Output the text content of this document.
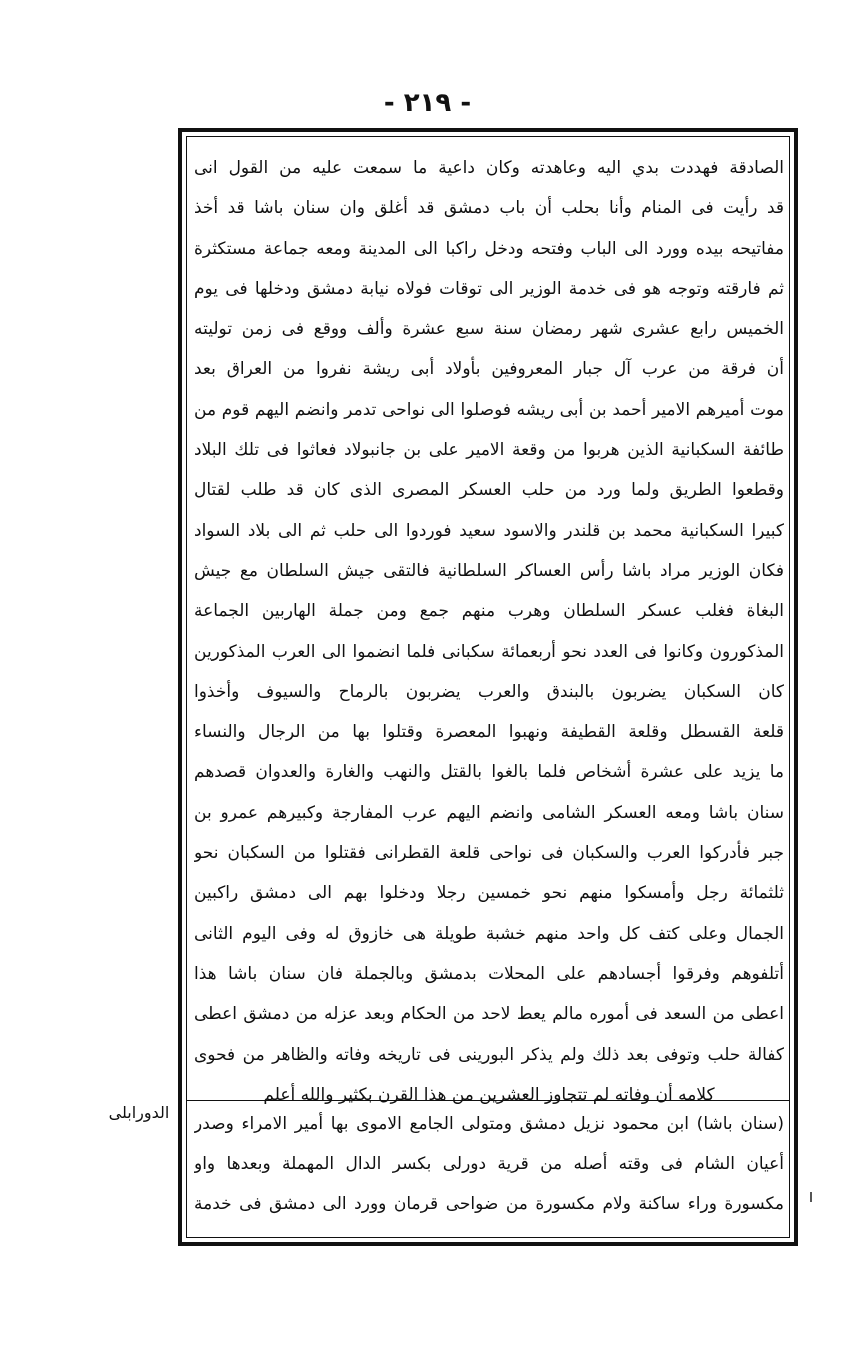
- ٢١٩ -
الصادقة فهددت بدي اليه وعاهدته وكان داعية ما سمعت عليه من القول انى
قد رأيت فى المنام وأنا بحلب أن باب دمشق قد أغلق وان سنان باشا قد أخذ
مفاتيحه بيده وورد الى الباب وفتحه ودخل راكبا الى المدينة ومعه جماعة مستكثرة
ثم فارقته وتوجه هو فى خدمة الوزير الى توقات فولاه نيابة دمشق ودخلها فى يوم
الخميس رابع عشرى شهر رمضان سنة سبع عشرة وألف ووقع فى زمن توليته
أن فرقة من عرب آل جبار المعروفين بأولاد أبى ريشة نفروا من العراق بعد
موت أميرهم الامير أحمد بن أبى ريشه فوصلوا الى نواحى تدمر وانضم اليهم قوم من
طائفة السكبانية الذين هربوا من وقعة الامير على بن جانبولاد فعاثوا فى تلك البلاد
وقطعوا الطريق ولما ورد من حلب العسكر المصرى الذى كان قد طلب لقتال
كبيرا السكبانية محمد بن قلندر والاسود سعيد فوردوا الى حلب ثم الى بلاد السواد
فكان الوزير مراد باشا رأس العساكر السلطانية فالتقى جيش السلطان مع جيش
البغاة فغلب عسكر السلطان وهرب منهم جمع ومن جملة الهاربين الجماعة
المذكورون وكانوا فى العدد نحو أربعمائة سكبانى فلما انضموا الى العرب المذكورين
كان السكبان يضربون بالبندق والعرب يضربون بالرماح والسيوف وأخذوا
قلعة القسطل وقلعة القطيفة ونهبوا المعصرة وقتلوا بها من الرجال والنساء
ما يزيد على عشرة أشخاص فلما بالغوا بالقتل والنهب والغارة والعدوان قصدهم
سنان باشا ومعه العسكر الشامى وانضم اليهم عرب المفارجة وكبيرهم عمرو بن
جبر فأدركوا العرب والسكبان فى نواحى قلعة القطرانى فقتلوا من السكبان نحو
ثلثمائة رجل وأمسكوا منهم نحو خمسين رجلا ودخلوا بهم الى دمشق راكبين
الجمال وعلى كتف كل واحد منهم خشبة طويلة هى خازوق له وفى اليوم الثانى
أتلفوهم وفرقوا أجسادهم على المحلات بدمشق وبالجملة فان سنان باشا هذا
اعطى من السعد فى أموره مالم يعط لاحد من الحكام وبعد عزله من دمشق اعطى
كفالة حلب وتوفى بعد ذلك ولم يذكر البورينى فى تاريخه وفاته والظاهر من فحوى
كلامه أن وفاته لم تتجاوز العشرين من هذا القرن بكثير والله أعلم
الدورابلى
(سنان باشا) ابن محمود نزيل دمشق ومتولى الجامع الاموى بها أمير الامراء وصدر
أعيان الشام فى وقته أصله من قرية دورلى بكسر الدال المهملة وبعدها واو
مكسورة وراء ساكنة ولام مكسورة من ضواحى قرمان وورد الى دمشق فى خدمة
